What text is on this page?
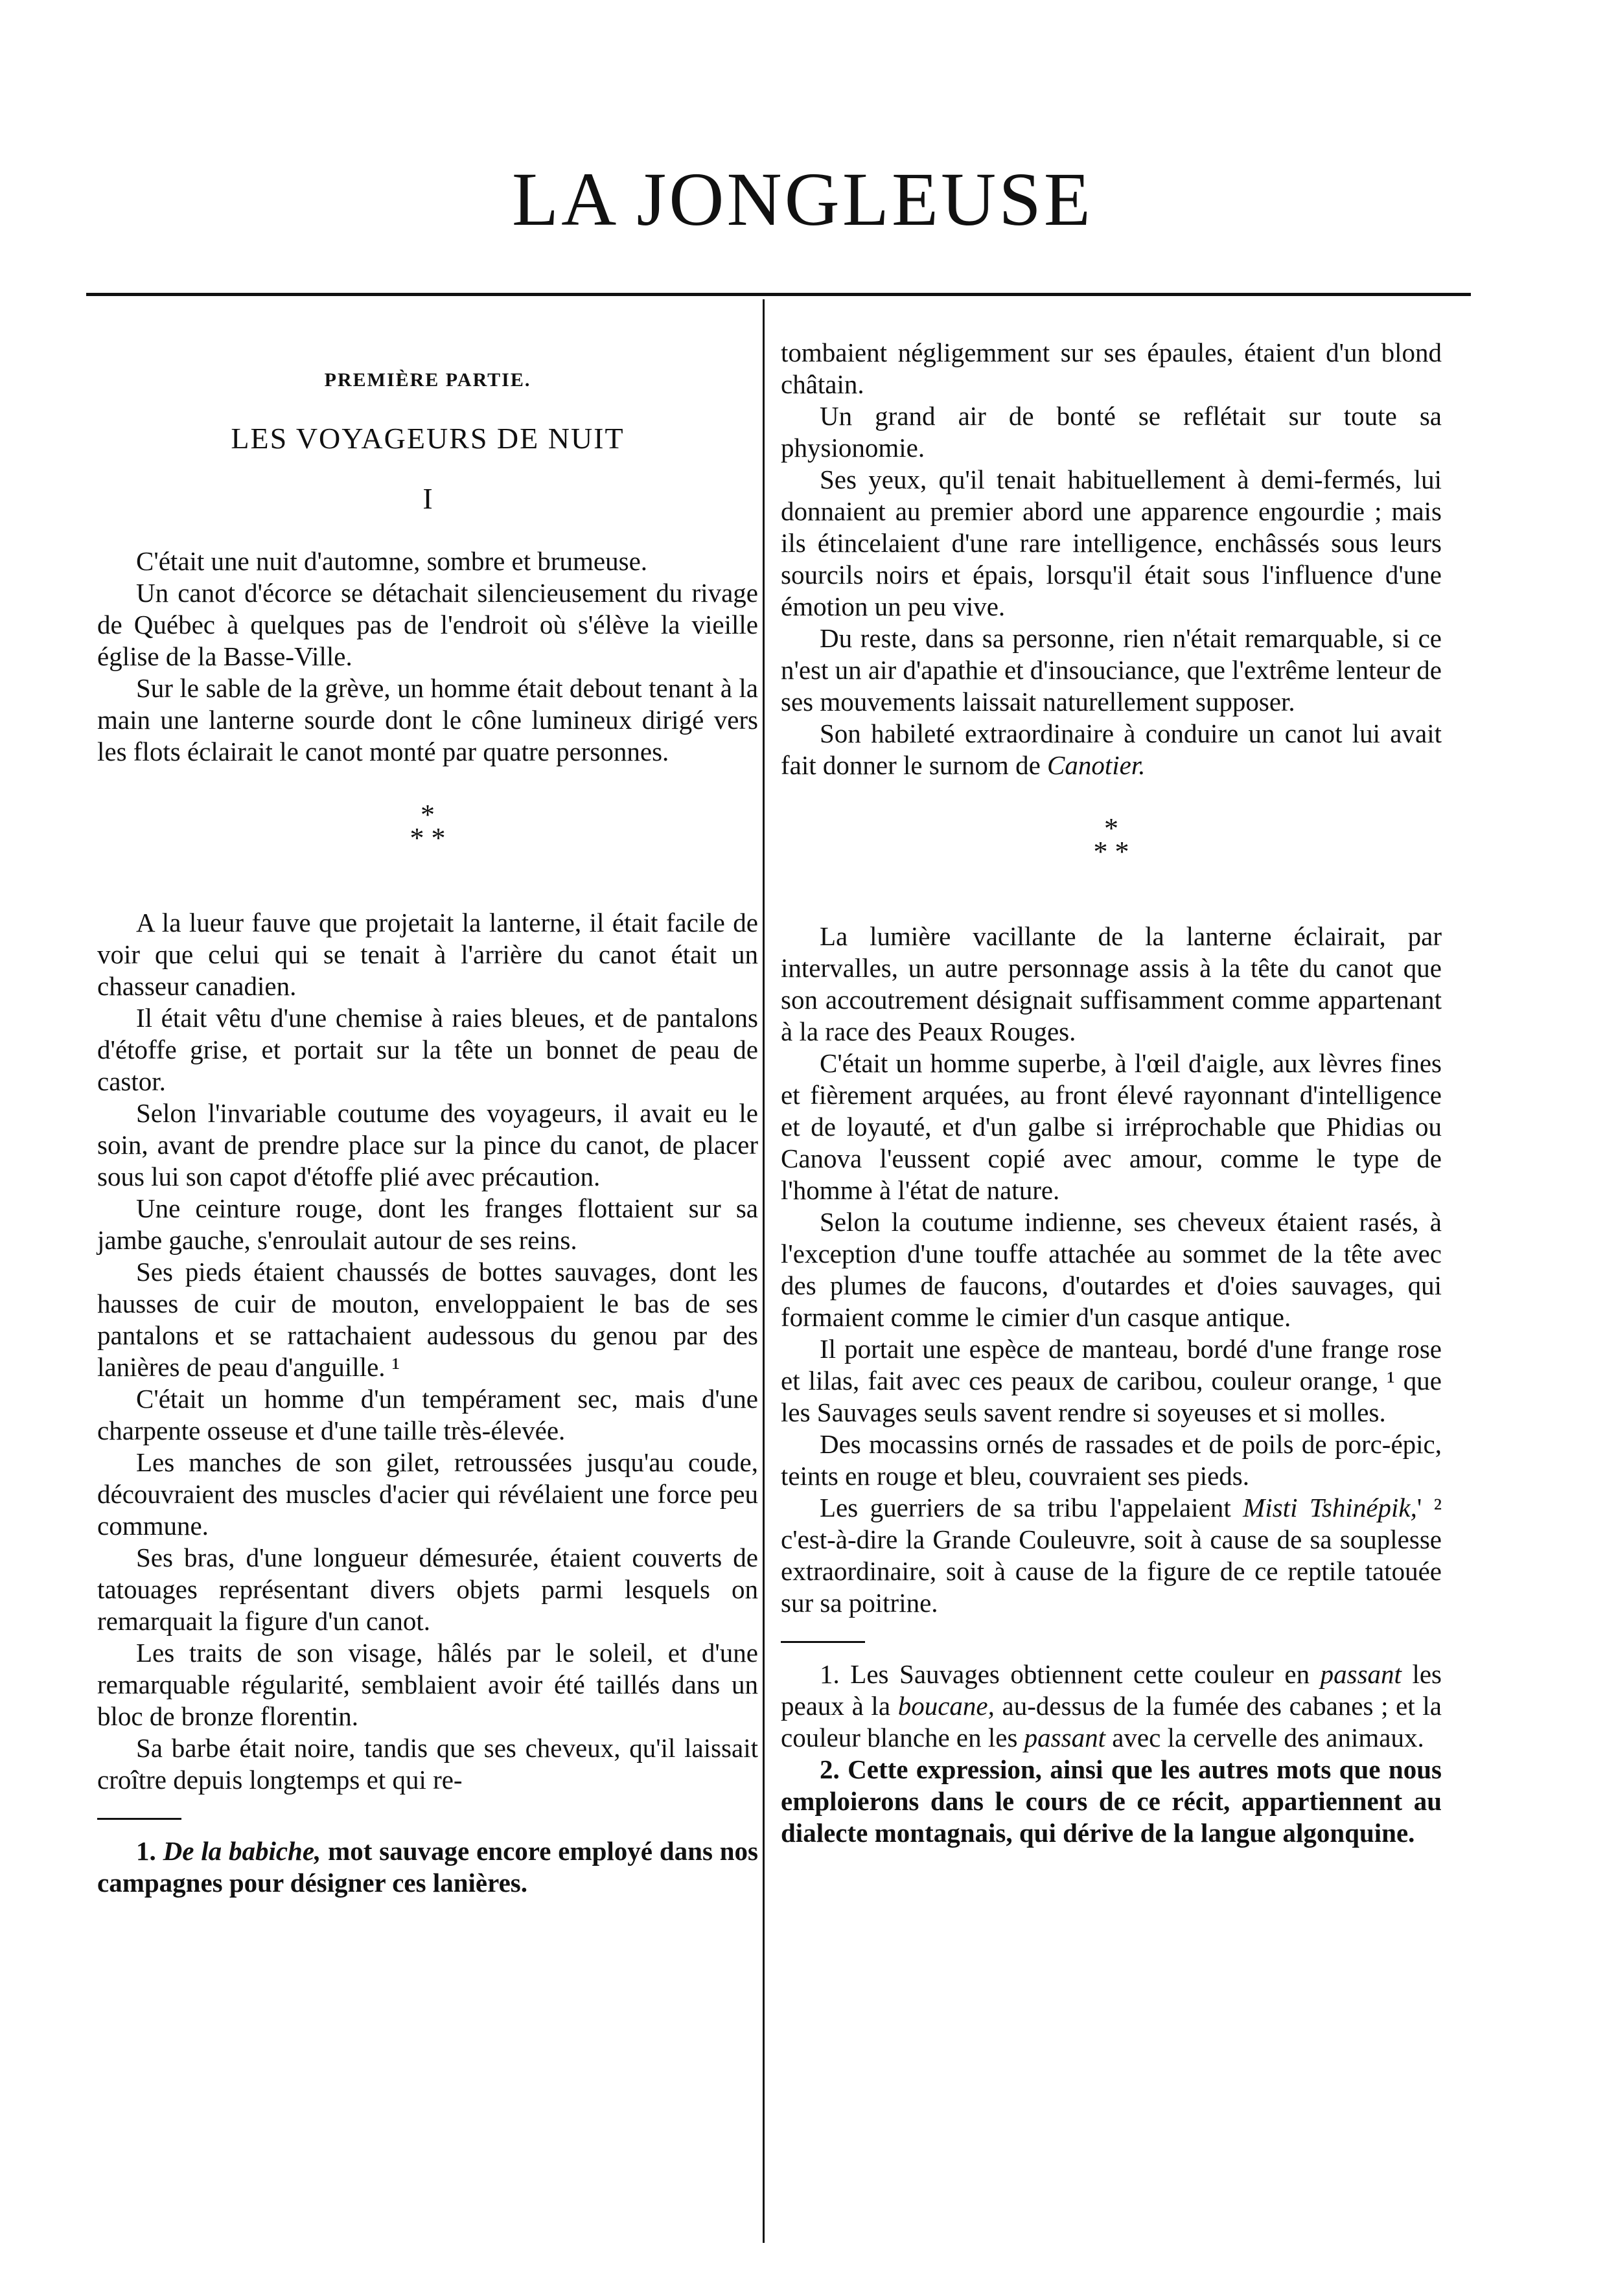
LA JONGLEUSE
PREMIÈRE PARTIE.
LES VOYAGEURS DE NUIT
I

C'était une nuit d'automne, sombre et brumeuse.

Un canot d'écorce se détachait silencieusement du rivage de Québec à quelques pas de l'endroit où s'élève la vieille église de la Basse-Ville.

Sur le sable de la grève, un homme était debout tenant à la main une lanterne sourde dont le cône lumineux dirigé vers les flots éclairait le canot monté par quatre personnes.

*
* *

A la lueur fauve que projetait la lanterne, il était facile de voir que celui qui se tenait à l'arrière du canot était un chasseur canadien.

Il était vêtu d'une chemise à raies bleues, et de pantalons d'étoffe grise, et portait sur la tête un bonnet de peau de castor.

Selon l'invariable coutume des voyageurs, il avait eu le soin, avant de prendre place sur la pince du canot, de placer sous lui son capot d'étoffe plié avec précaution.

Une ceinture rouge, dont les franges flottaient sur sa jambe gauche, s'enroulait autour de ses reins.

Ses pieds étaient chaussés de bottes sauvages, dont les hausses de cuir de mouton, enveloppaient le bas de ses pantalons et se rattachaient audessous du genou par des lanières de peau d'anguille. ¹

C'était un homme d'un tempérament sec, mais d'une charpente osseuse et d'une taille très-élevée.

Les manches de son gilet, retroussées jusqu'au coude, découvraient des muscles d'acier qui révélaient une force peu commune.

Ses bras, d'une longueur démesurée, étaient couverts de tatouages représentant divers objets parmi lesquels on remarquait la figure d'un canot.

Les traits de son visage, hâlés par le soleil, et d'une remarquable régularité, semblaient avoir été taillés dans un bloc de bronze florentin.

Sa barbe était noire, tandis que ses cheveux, qu'il laissait croître depuis longtemps et qui re-

1. De la babiche, mot sauvage encore employé dans nos campagnes pour désigner ces lanières.

tombaient négligemment sur ses épaules, étaient d'un blond châtain.

Un grand air de bonté se reflétait sur toute sa physionomie.

Ses yeux, qu'il tenait habituellement à demi-fermés, lui donnaient au premier abord une apparence engourdie ; mais ils étincelaient d'une rare intelligence, enchâssés sous leurs sourcils noirs et épais, lorsqu'il était sous l'influence d'une émotion un peu vive.

Du reste, dans sa personne, rien n'était remarquable, si ce n'est un air d'apathie et d'insouciance, que l'extrême lenteur de ses mouvements laissait naturellement supposer.

Son habileté extraordinaire à conduire un canot lui avait fait donner le surnom de Canotier.

*
* *

La lumière vacillante de la lanterne éclairait, par intervalles, un autre personnage assis à la tête du canot que son accoutrement désignait suffisamment comme appartenant à la race des Peaux Rouges.

C'était un homme superbe, à l'œil d'aigle, aux lèvres fines et fièrement arquées, au front élevé rayonnant d'intelligence et de loyauté, et d'un galbe si irréprochable que Phidias ou Canova l'eussent copié avec amour, comme le type de l'homme à l'état de nature.

Selon la coutume indienne, ses cheveux étaient rasés, à l'exception d'une touffe attachée au sommet de la tête avec des plumes de faucons, d'outardes et d'oies sauvages, qui formaient comme le cimier d'un casque antique.

Il portait une espèce de manteau, bordé d'une frange rose et lilas, fait avec ces peaux de caribou, couleur orange, ¹ que les Sauvages seuls savent rendre si soyeuses et si molles.

Des mocassins ornés de rassades et de poils de porc-épic, teints en rouge et bleu, couvraient ses pieds.

Les guerriers de sa tribu l'appelaient Misti Tshinépik,' ² c'est-à-dire la Grande Couleuvre, soit à cause de sa souplesse extraordinaire, soit à cause de la figure de ce reptile tatouée sur sa poitrine.

1. Les Sauvages obtiennent cette couleur en passant les peaux à la boucane, au-dessus de la fumée des cabanes ; et la couleur blanche en les passant avec la cervelle des animaux.

2. Cette expression, ainsi que les autres mots que nous emploierons dans le cours de ce récit, appartiennent au dialecte montagnais, qui dérive de la langue algonquine.
